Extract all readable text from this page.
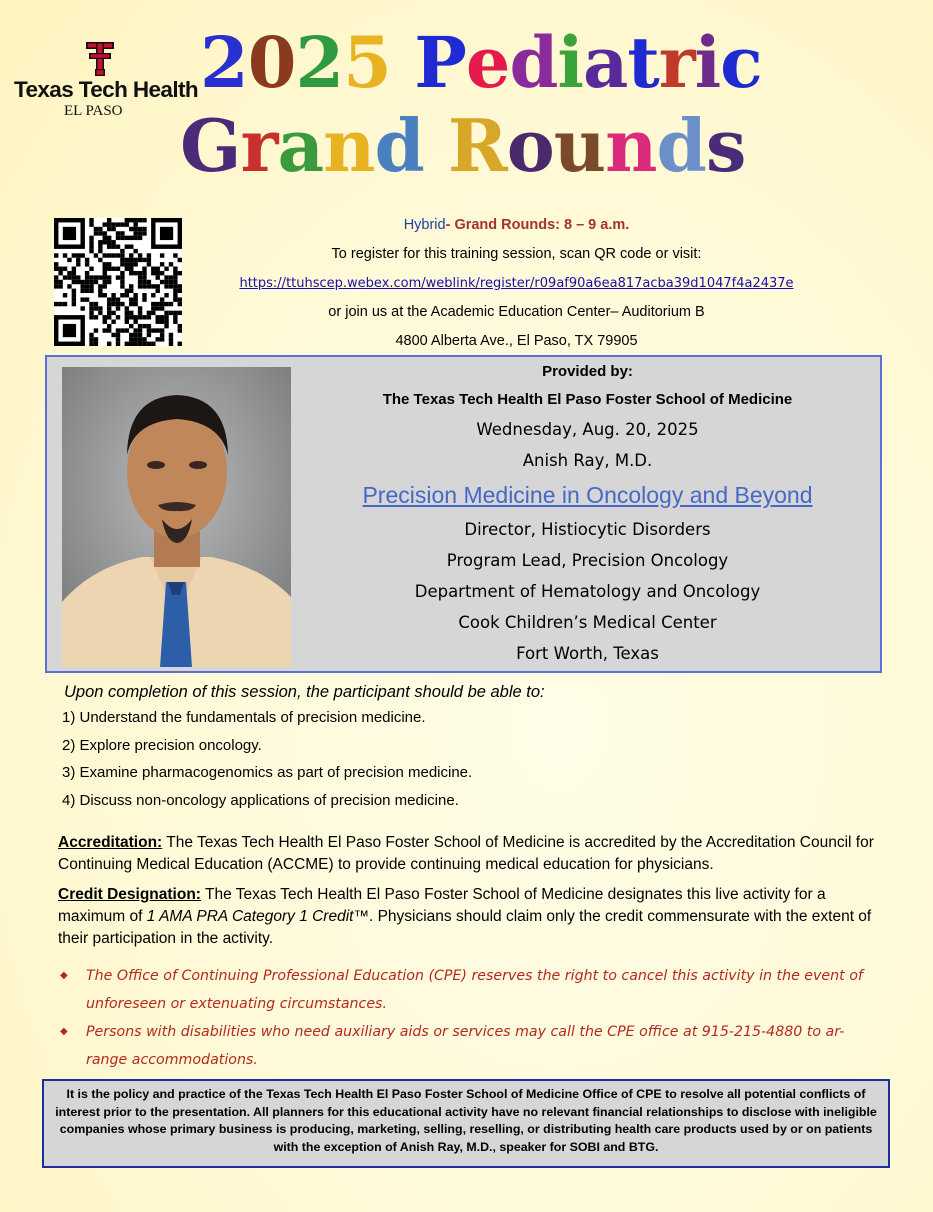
Texas Tech Health
EL PASO
2025 Pediatric
Grand Rounds
Hybrid- Grand Rounds: 8 – 9 a.m.
To register for this training session, scan QR code or visit:
https://ttuhscep.webex.com/weblink/register/r09af90a6ea817acba39d1047f4a2437e
or join us at the Academic Education Center– Auditorium B
4800 Alberta Ave., El Paso, TX 79905
Provided by:
The Texas Tech Health El Paso Foster School of Medicine
Wednesday, Aug. 20, 2025
Anish Ray, M.D.
Precision Medicine in Oncology and Beyond
Director, Histiocytic Disorders
Program Lead, Precision Oncology
Department of Hematology and Oncology
Cook Children’s Medical Center
Fort Worth, Texas
Upon completion of this session, the participant should be able to:
1) Understand the fundamentals of precision medicine.
2) Explore precision oncology.
3) Examine pharmacogenomics as part of precision medicine.
4) Discuss non-oncology applications of precision medicine.
Accreditation: The Texas Tech Health El Paso Foster School of Medicine is accredited by the Accreditation Council for Continuing Medical Education (ACCME) to provide continuing medical education for physicians.
Credit Designation: The Texas Tech Health El Paso Foster School of Medicine designates this live activity for a maximum of 1 AMA PRA Category 1 Credit™. Physicians should claim only the credit commensurate with the extent of their participation in the activity.
◆ The Office of Continuing Professional Education (CPE) reserves the right to cancel this activity in the event of unforeseen or extenuating circumstances.
◆ Persons with disabilities who need auxiliary aids or services may call the CPE office at 915-215-4880 to ar-range accommodations.
It is the policy and practice of the Texas Tech Health El Paso Foster School of Medicine Office of CPE to resolve all potential conflicts of interest prior to the presentation. All planners for this educational activity have no relevant financial relationships to disclose with ineligible companies whose primary business is producing, marketing, selling, reselling, or distributing health care products used by or on patients with the exception of Anish Ray, M.D., speaker for SOBI and BTG.
